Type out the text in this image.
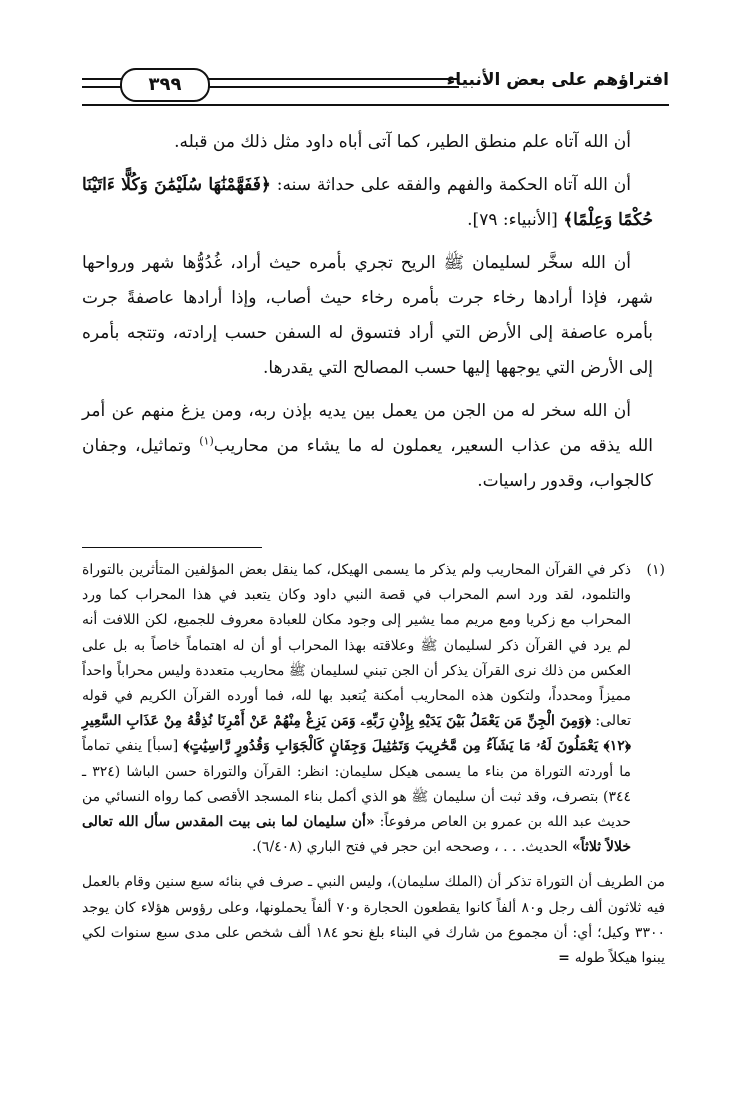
افتراؤهم على بعض الأنبياء
٣٩٩

أن الله آتاه علم منطق الطير، كما آتى أباه داود مثل ذلك من قبله.

أن الله آتاه الحكمة والفهم والفقه على حداثة سنه: ﴿فَفَهَّمْنَٰهَا سُلَيْمَٰنَ وَكُلًّا ءَاتَيْنَا حُكْمًا وَعِلْمًا﴾ [الأنبياء: ٧٩].

أن الله سخَّر لسليمان ﷺ الريح تجري بأمره حيث أراد، غُدُوُّها شهر ورواحها شهر، فإذا أرادها رخاء جرت بأمره رخاء حيث أصاب، وإذا أرادها عاصفةً جرت بأمره عاصفة إلى الأرض التي أراد فتسوق له السفن حسب إرادته، وتتجه بأمره إلى الأرض التي يوجهها إليها حسب المصالح التي يقدرها.

أن الله سخر له من الجن من يعمل بين يديه بإذن ربه، ومن يزغ منهم عن أمر الله يذقه من عذاب السعير، يعملون له ما يشاء من محاريب$^{(١)}$ وتماثيل، وجفان كالجواب، وقدور راسيات.

(١)
ذكر في القرآن المحاريب ولم يذكر ما يسمى الهيكل، كما ينقل بعض المؤلفين المتأثرين بالتوراة والتلمود، لقد ورد اسم المحراب في قصة النبي داود وكان يتعبد في هذا المحراب كما ورد المحراب مع زكريا ومع مريم مما يشير إلى وجود مكان للعبادة معروف للجميع، لكن اللافت أنه لم يرد في القرآن ذكر لسليمان ﷺ وعلاقته بهذا المحراب أو أن له اهتماماً خاصاً به بل على العكس من ذلك نرى القرآن يذكر أن الجن تبني لسليمان ﷺ محاريب متعددة وليس محراباً واحداً مميزاً ومحدداً، ولتكون هذه المحاريب أمكنة يُتعبد بها لله، فما أورده القرآن الكريم في قوله تعالى: ﴿وَمِنَ الْجِنِّ مَن يَعْمَلُ بَيْنَ يَدَيْهِ بِإِذْنِ رَبِّهِۦ وَمَن يَزِغْ مِنْهُمْ عَنْ أَمْرِنَا نُذِقْهُ مِنْ عَذَابِ السَّعِيرِ ﴿١٢﴾ يَعْمَلُونَ لَهُۥ مَا يَشَآءُ مِن مَّحَٰرِيبَ وَتَمَٰثِيلَ وَجِفَانٍ كَالْجَوَابِ وَقُدُورٍ رَّاسِيَٰتٍ﴾ [سبأ] ينفي تماماً ما أوردته التوراة من بناء ما يسمى هيكل سليمان: انظر: القرآن والتوراة حسن الباشا (٣٢٤ ـ ٣٤٤) بتصرف، وقد ثبت أن سليمان ﷺ هو الذي أكمل بناء المسجد الأقصى كما رواه النسائي من حديث عبد الله بن عمرو بن العاص مرفوعاً: «أن سليمان لما بنى بيت المقدس سأل الله تعالى خلالاً ثلاثاً» الحديث. . . ، وصححه ابن حجر في فتح الباري (٦/٤٠٨).

من الطريف أن التوراة تذكر أن (الملك سليمان)، وليس النبي ـ صرف في بنائه سبع سنين وقام بالعمل فيه ثلاثون ألف رجل و٨٠ ألفاً كانوا يقطعون الحجارة و٧٠ ألفاً يحملونها، وعلى رؤوس هؤلاء كان يوجد ٣٣٠٠ وكيل؛ أي: أن مجموع من شارك في البناء بلغ نحو ١٨٤ ألف شخص على مدى سبع سنوات لكي يبنوا هيكلاً طوله =
